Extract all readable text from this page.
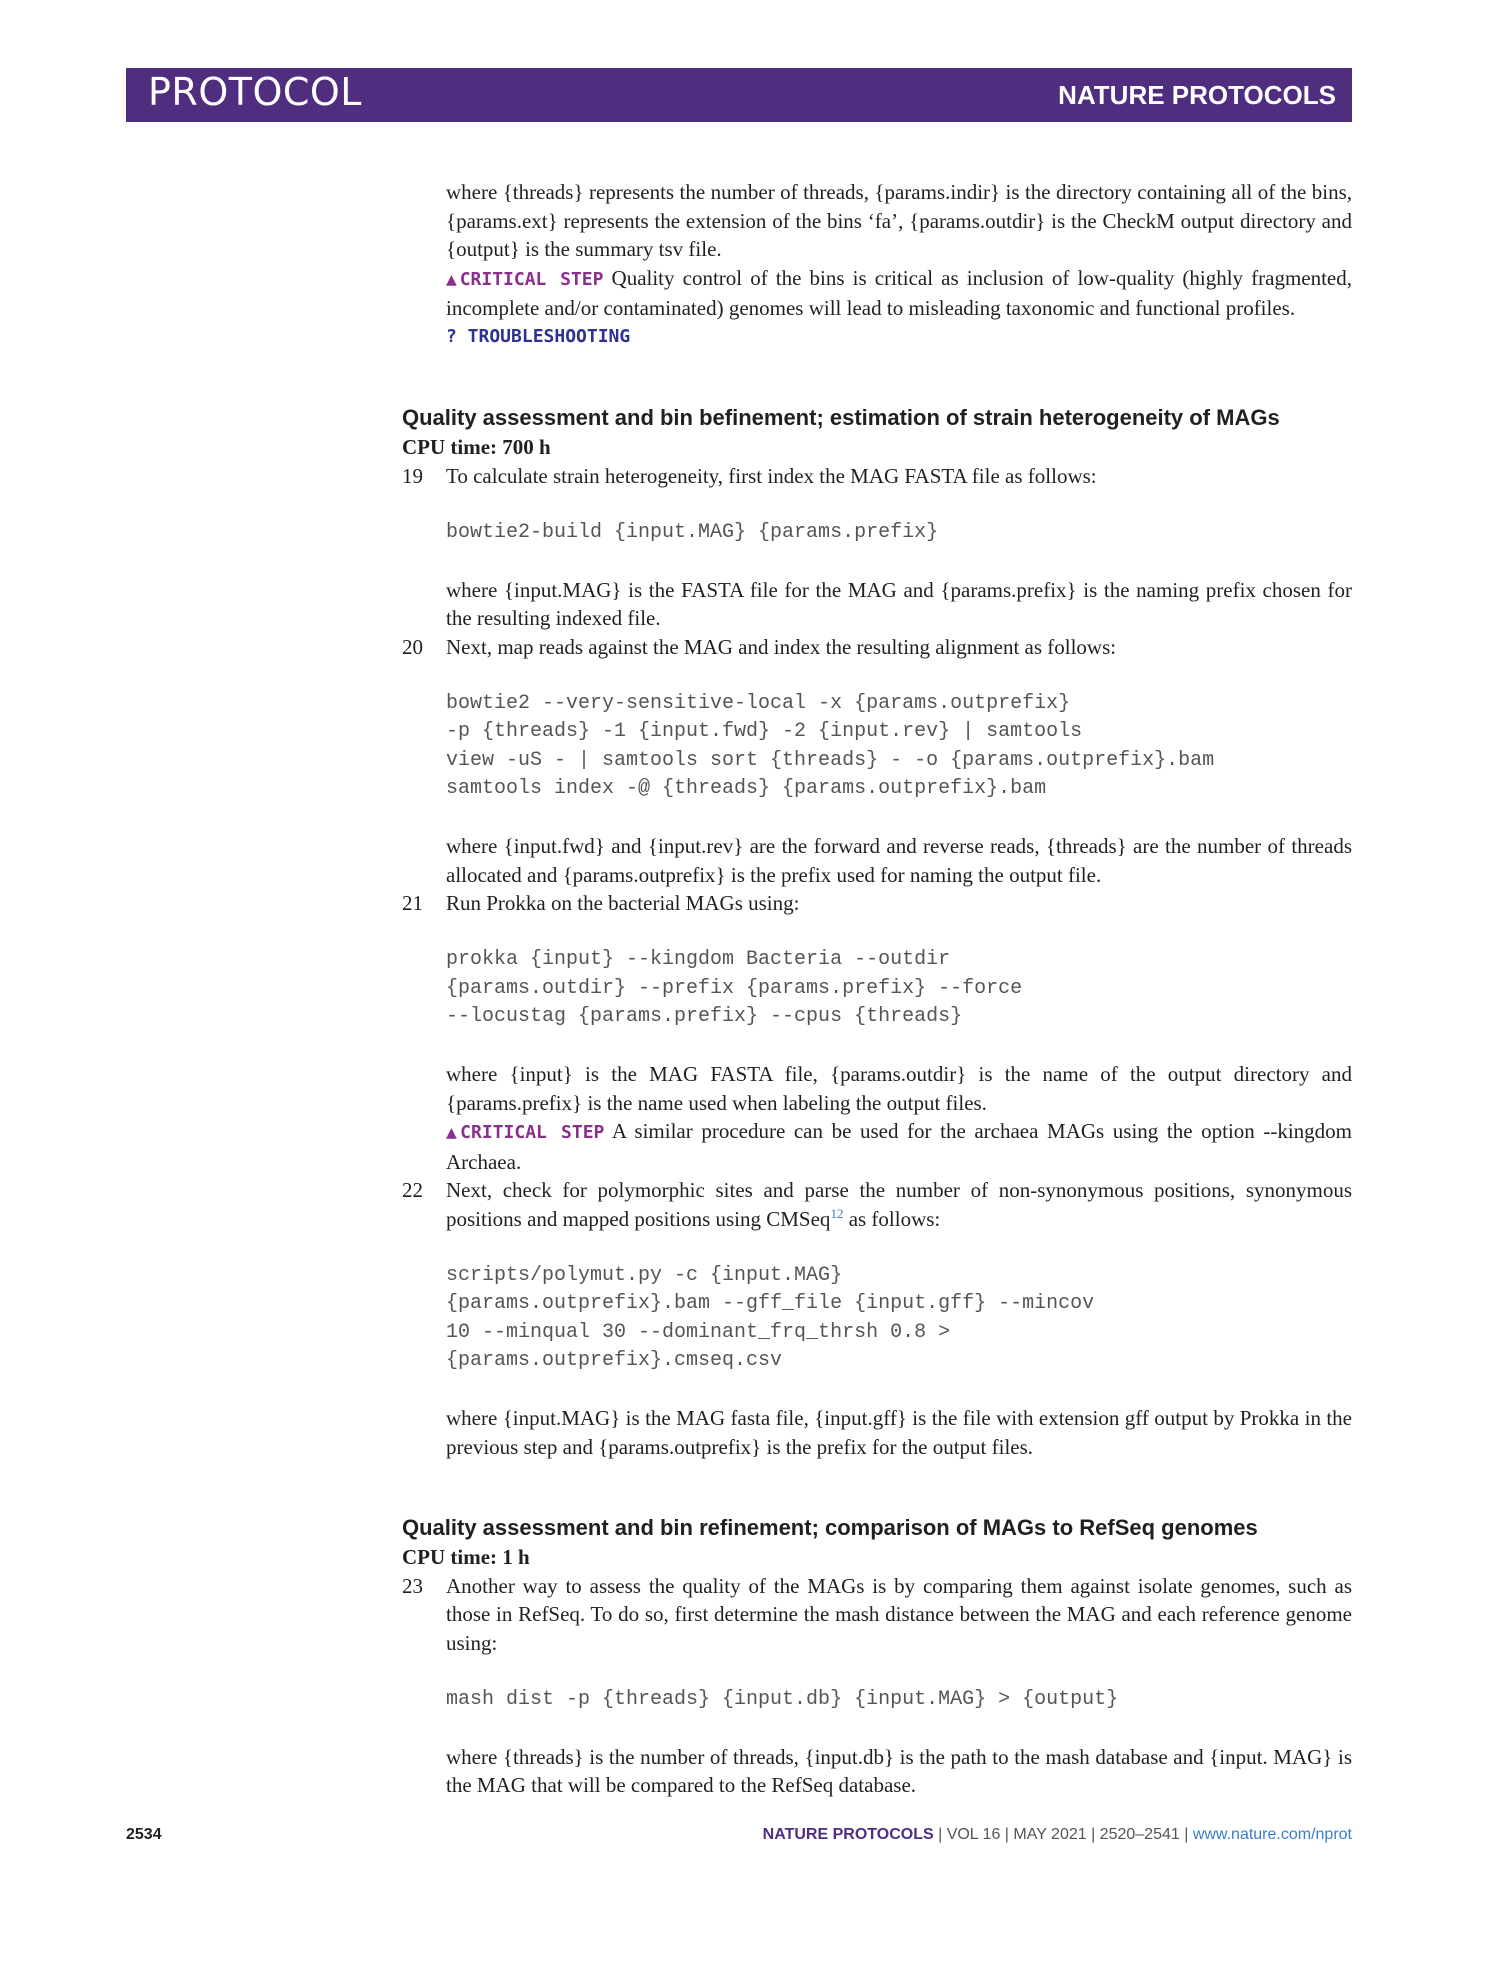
PROTOCOL	NATURE PROTOCOLS

where {threads} represents the number of threads, {params.indir} is the directory containing all of the bins, {params.ext} represents the extension of the bins ‘fa’, {params.outdir} is the CheckM output directory and {output} is the summary tsv file.

▲CRITICAL STEP Quality control of the bins is critical as inclusion of low-quality (highly fragmented, incomplete and/or contaminated) genomes will lead to misleading taxonomic and functional profiles.

? TROUBLESHOOTING

Quality assessment and bin befinement; estimation of strain heterogeneity of MAGs

CPU time: 700 h

19 To calculate strain heterogeneity, first index the MAG FASTA file as follows:

bowtie2-build {input.MAG} {params.prefix}

where {input.MAG} is the FASTA file for the MAG and {params.prefix} is the naming prefix chosen for the resulting indexed file.

20 Next, map reads against the MAG and index the resulting alignment as follows:

bowtie2 --very-sensitive-local -x {params.outprefix}
-p {threads} -1 {input.fwd} -2 {input.rev} | samtools
view -uS - | samtools sort {threads} - -o {params.outprefix}.bam
samtools index -@ {threads} {params.outprefix}.bam

where {input.fwd} and {input.rev} are the forward and reverse reads, {threads} are the number of threads allocated and {params.outprefix} is the prefix used for naming the output file.

21 Run Prokka on the bacterial MAGs using:

prokka {input} --kingdom Bacteria --outdir
{params.outdir} --prefix {params.prefix} --force
--locustag {params.prefix} --cpus {threads}

where {input} is the MAG FASTA file, {params.outdir} is the name of the output directory and {params.prefix} is the name used when labeling the output files.

▲CRITICAL STEP A similar procedure can be used for the archaea MAGs using the option --kingdom Archaea.

22 Next, check for polymorphic sites and parse the number of non-synonymous positions, synonymous positions and mapped positions using CMSeq$^{12}$ as follows:

scripts/polymut.py -c {input.MAG}
{params.outprefix}.bam --gff_file {input.gff} --mincov
10 --minqual 30 --dominant_frq_thrsh 0.8 >
{params.outprefix}.cmseq.csv

where {input.MAG} is the MAG fasta file, {input.gff} is the file with extension gff output by Prokka in the previous step and {params.outprefix} is the prefix for the output files.

Quality assessment and bin refinement; comparison of MAGs to RefSeq genomes

CPU time: 1 h

23 Another way to assess the quality of the MAGs is by comparing them against isolate genomes, such as those in RefSeq. To do so, first determine the mash distance between the MAG and each reference genome using:

mash dist -p {threads} {input.db} {input.MAG} > {output}

where {threads} is the number of threads, {input.db} is the path to the mash database and {input. MAG} is the MAG that will be compared to the RefSeq database.

2534	NATURE PROTOCOLS | VOL 16 | MAY 2021 | 2520–2541 | www.nature.com/nprot
